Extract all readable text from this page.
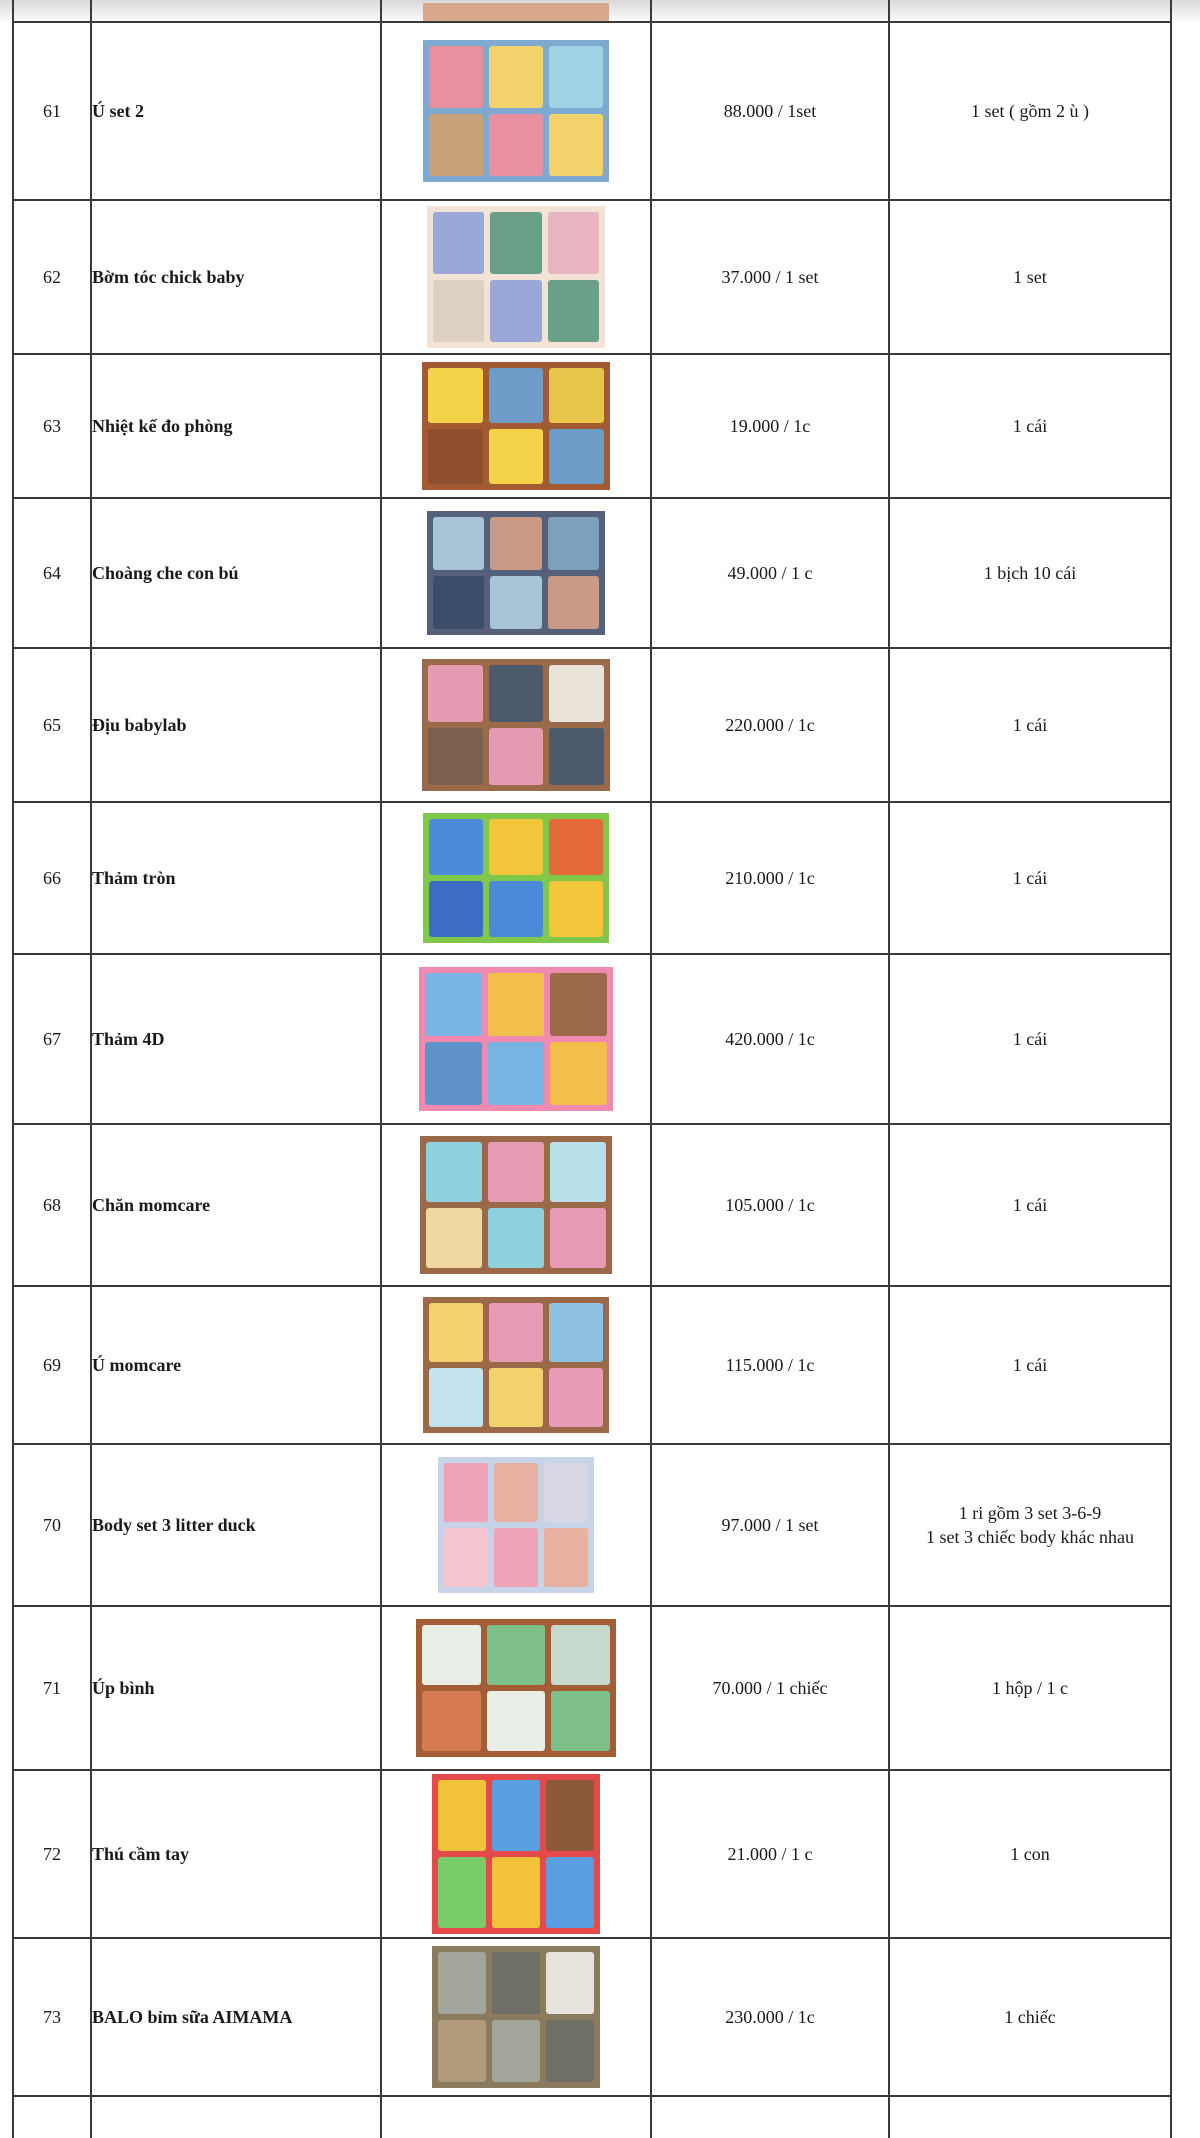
61	Ú set 2		88.000 / 1set	1 set ( gồm 2 ù )

62	Bờm tóc chick baby		37.000 / 1 set	1 set

63	Nhiệt kế đo phòng		19.000 / 1c	1 cái

64	Choàng che con bú		49.000 / 1 c	1 bịch 10 cái

65	Địu babylab		220.000 / 1c	1 cái

66	Thảm tròn		210.000 / 1c	1 cái

67	Thảm 4D		420.000 / 1c	1 cái

68	Chăn momcare		105.000 / 1c	1 cái

69	Ú momcare		115.000 / 1c	1 cái

70	Body set 3 litter duck		97.000 / 1 set	1 ri gồm 3 set 3-6-9
1 set 3 chiếc body khác nhau

71	Úp bình		70.000 / 1 chiếc	1 hộp / 1 c

72	Thú cầm tay		21.000 / 1 c	1 con

73	BALO bỉm sữa AIMAMA		230.000 / 1c	1 chiếc
